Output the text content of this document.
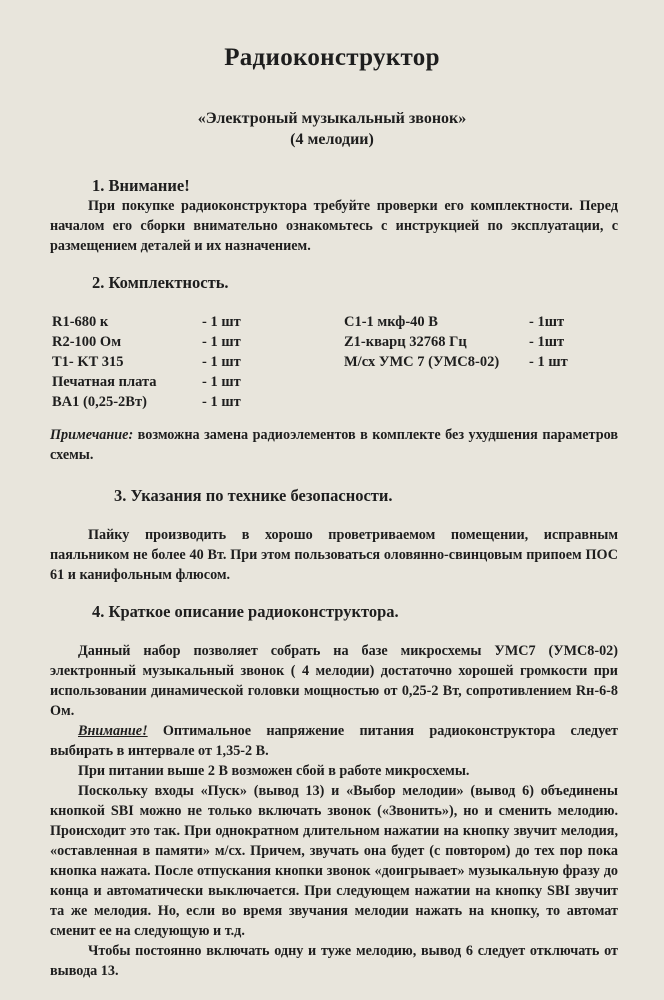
Радиоконструктор

«Электроный музыкальный звонок»

(4 мелодии)

1. Внимание!

При покупке радиоконструктора требуйте проверки его комплектности. Перед началом его сборки внимательно ознакомьтесь с инструкцией по эксплуатации, с размещением деталей и их назначением.

2. Комплектность.

R1-680 к	- 1 шт
R2-100 Ом	- 1 шт
T1- KT 315	- 1 шт
Печатная плата	- 1 шт
BA1 (0,25-2Вт)	- 1 шт
C1-1 мкф-40 В	- 1шт
Z1-кварц 32768 Гц	- 1шт
М/сх УМС 7 (УМС8-02) - 1 шт

Примечание: возможна замена радиоэлементов в комплекте без ухудшения параметров схемы.

3. Указания по технике безопасности.

Пайку производить в хорошо проветриваемом помещении, исправным паяльником не более 40 Вт. При этом пользоваться оловянно-свинцовым припоем ПОС 61 и канифольным флюсом.

4. Краткое описание радиоконструктора.

Данный набор позволяет собрать на базе микросхемы УМС7 (УМС8-02) электронный музыкальный звонок ( 4 мелодии) достаточно хорошей громкости при использовании динамической головки мощностью от 0,25-2 Вт, сопротивлением Rн-6-8 Ом.

Внимание! Оптимальное напряжение питания радиоконструктора следует выбирать в интервале от 1,35-2 В.

При питании выше 2 В возможен сбой в работе микросхемы.

Поскольку входы «Пуск» (вывод 13) и «Выбор мелодии» (вывод 6) объединены кнопкой SBI можно не только включать звонок («Звонить»), но и сменить мелодию. Происходит это так. При однократном длительном нажатии на кнопку звучит мелодия, «оставленная в памяти» м/сх. Причем, звучать она будет (с повтором) до тех пор пока кнопка нажата. После отпускания кнопки звонок «доигрывает» музыкальную фразу до конца и автоматически выключается. При следующем нажатии на кнопку SBI звучит та же мелодия. Но, если во время звучания мелодии нажать на кнопку, то автомат сменит ее на следующую и т.д.

Чтобы постоянно включать одну и тужe мелодию, вывод 6 следует отключать от вывода 13.
